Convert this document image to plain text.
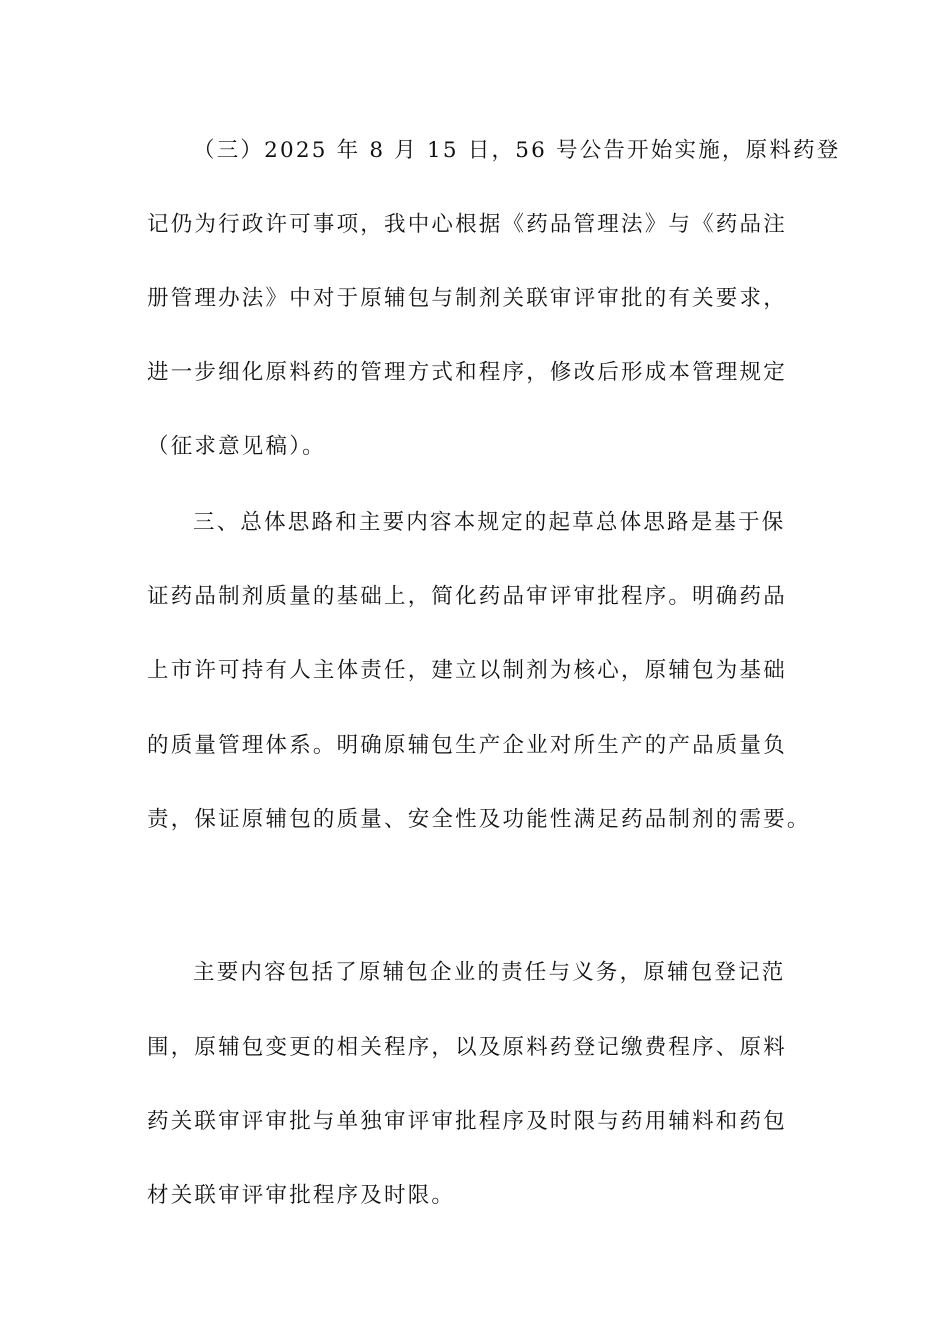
（三）2025 年 8 月 15 日，56 号公告开始实施，原料药登
记仍为行政许可事项，我中心根据《药品管理法》与《药品注
册管理办法》中对于原辅包与制剂关联审评审批的有关要求，
进一步细化原料药的管理方式和程序，修改后形成本管理规定
（征求意见稿）。
三、总体思路和主要内容本规定的起草总体思路是基于保
证药品制剂质量的基础上，简化药品审评审批程序。明确药品
上市许可持有人主体责任，建立以制剂为核心，原辅包为基础
的质量管理体系。明确原辅包生产企业对所生产的产品质量负
责，保证原辅包的质量、安全性及功能性满足药品制剂的需要。
主要内容包括了原辅包企业的责任与义务，原辅包登记范
围，原辅包变更的相关程序，以及原料药登记缴费程序、原料
药关联审评审批与单独审评审批程序及时限与药用辅料和药包
材关联审评审批程序及时限。
